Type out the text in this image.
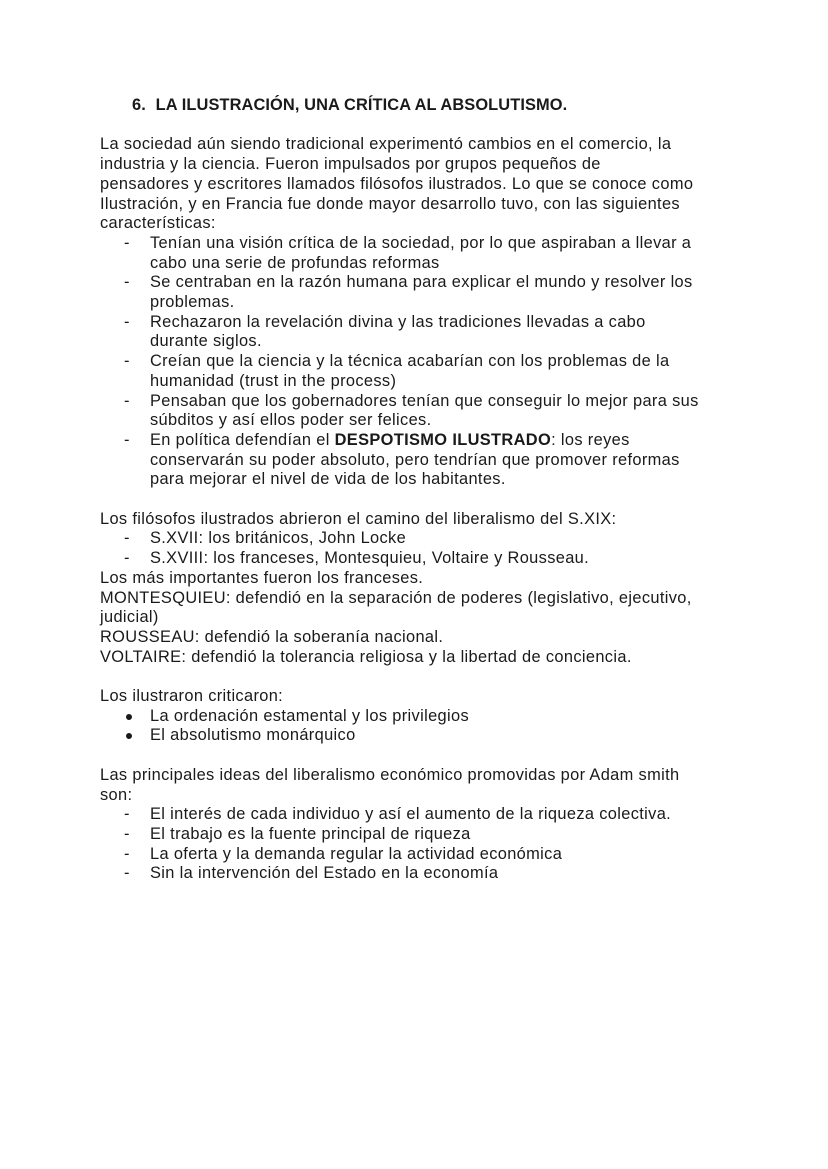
6. LA ILUSTRACIÓN, UNA CRÍTICA AL ABSOLUTISMO.
La sociedad aún siendo tradicional experimentó cambios en el comercio, la
industria y la ciencia. Fueron impulsados por grupos pequeños de
pensadores y escritores llamados filósofos ilustrados. Lo que se conoce como
Ilustración, y en Francia fue donde mayor desarrollo tuvo, con las siguientes
características:
- Tenían una visión crítica de la sociedad, por lo que aspiraban a llevar a
cabo una serie de profundas reformas
- Se centraban en la razón humana para explicar el mundo y resolver los
problemas.
- Rechazaron la revelación divina y las tradiciones llevadas a cabo
durante siglos.
- Creían que la ciencia y la técnica acabarían con los problemas de la
humanidad (trust in the process)
- Pensaban que los gobernadores tenían que conseguir lo mejor para sus
súbditos y así ellos poder ser felices.
- En política defendían el DESPOTISMO ILUSTRADO: los reyes
conservarán su poder absoluto, pero tendrían que promover reformas
para mejorar el nivel de vida de los habitantes.
Los filósofos ilustrados abrieron el camino del liberalismo del S.XIX:
- S.XVII: los británicos, John Locke
- S.XVIII: los franceses, Montesquieu, Voltaire y Rousseau.
Los más importantes fueron los franceses.
MONTESQUIEU: defendió en la separación de poderes (legislativo, ejecutivo,
judicial)
ROUSSEAU: defendió la soberanía nacional.
VOLTAIRE: defendió la tolerancia religiosa y la libertad de conciencia.
Los ilustraron criticaron:
La ordenación estamental y los privilegios
El absolutismo monárquico
Las principales ideas del liberalismo económico promovidas por Adam smith
son:
- El interés de cada individuo y así el aumento de la riqueza colectiva.
- El trabajo es la fuente principal de riqueza
- La oferta y la demanda regular la actividad económica
- Sin la intervención del Estado en la economía
